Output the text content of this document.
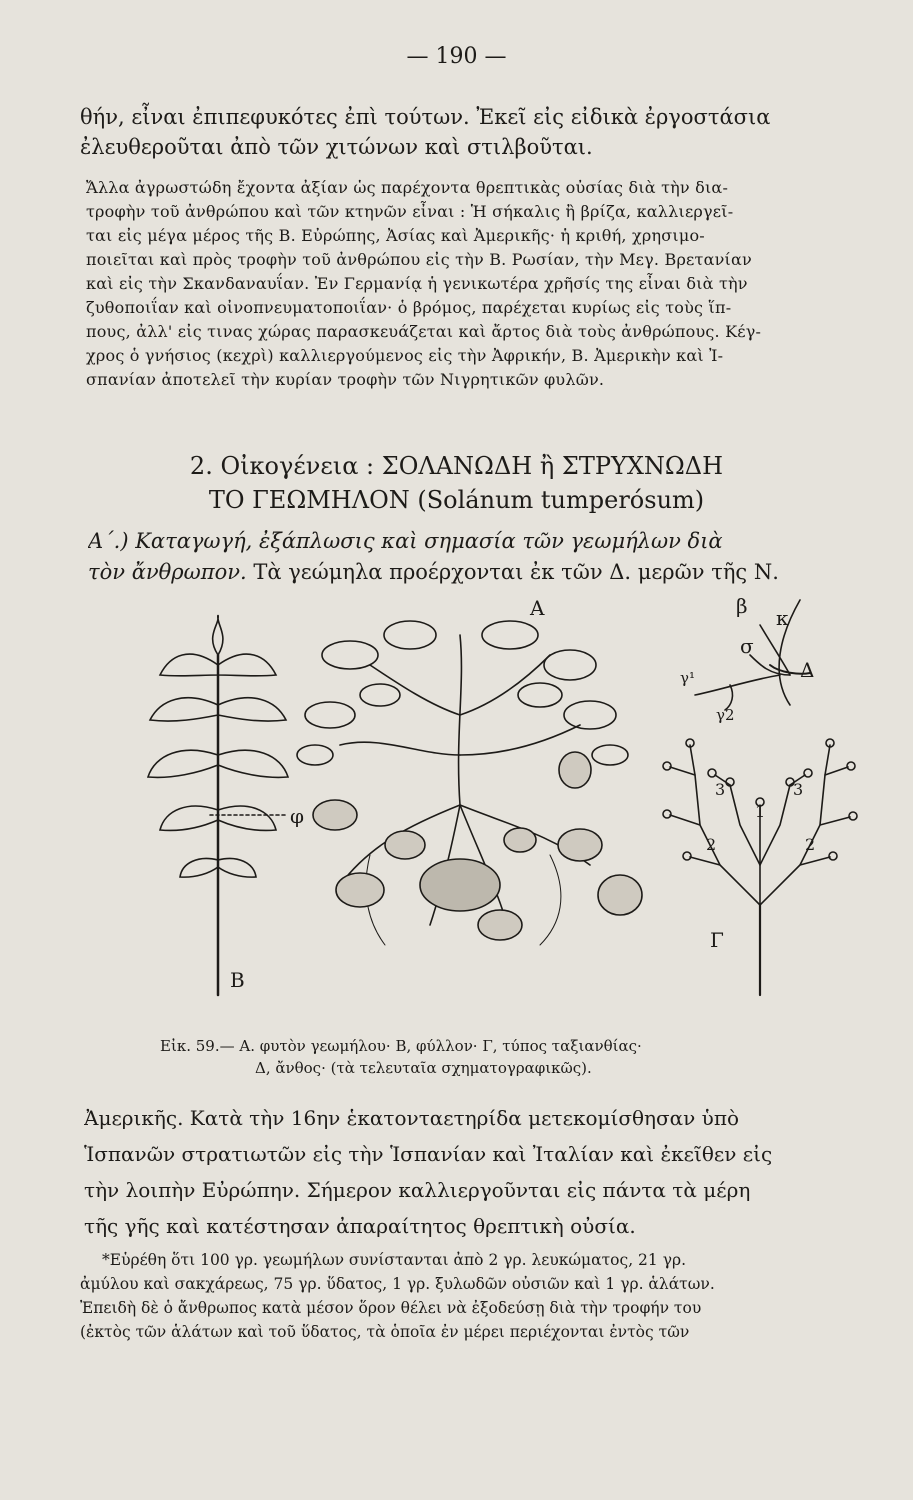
— 190 —
θήν, εἶναι ἐπιπεφυκότες ἐπὶ τούτων. Ἐκεῖ εἰς εἰδικὰ ἐργοστάσια
ἐλευθεροῦται ἀπὸ τῶν χιτώνων καὶ στιλβοῦται.
Ἄλλα ἀγρωστώδη ἔχοντα ἀξίαν ὡς παρέχοντα θρεπτικὰς οὐσίας διὰ τὴν δια-
τροφὴν τοῦ ἀνθρώπου καὶ τῶν κτηνῶν εἶναι : Ἡ σήκαλις ἢ βρίζα, καλλιεργεῖ-
ται εἰς μέγα μέρος τῆς Β. Εὐρώπης, Ἀσίας καὶ Ἀμερικῆς· ἡ κριθή, χρησιμο-
ποιεῖται καὶ πρὸς τροφὴν τοῦ ἀνθρώπου εἰς τὴν Β. Ρωσίαν, τὴν Μεγ. Βρετανίαν
καὶ εἰς τὴν Σκανδαναυΐαν. Ἐν Γερμανίᾳ ἡ γενικωτέρα χρῆσίς της εἶναι διὰ τὴν
ζυθοποιΐαν καὶ οἰνοπνευματοποιΐαν· ὁ βρόμος, παρέχεται κυρίως εἰς τοὺς ἵπ-
πους, ἀλλ' εἰς τινας χώρας παρασκευάζεται καὶ ἄρτος διὰ τοὺς ἀνθρώπους. Κέγ-
χρος ὁ γνήσιος (κεχρὶ) καλλιεργούμενος εἰς τὴν Ἀφρικήν, Β. Ἀμερικὴν καὶ Ἰ-
σπανίαν ἀποτελεῖ τὴν κυρίαν τροφὴν τῶν Νιγρητικῶν φυλῶν.
2. Οἰκογένεια : ΣΟΛΑΝΩΔΗ ἢ ΣΤΡΥΧΝΩΔΗ
ΤΟ ΓΕΩΜΗΛΟΝ (Solánum tumperósum)
Α΄.) Καταγωγή, ἐξάπλωσις καὶ σημασία τῶν γεωμήλων διὰ
τὸν ἄνθρωπον. Τὰ γεώμηλα προέρχονται ἐκ τῶν Δ. μερῶν τῆς Ν.
Α
Β
Γ
Δ
φ
κ
σ
β
γ¹
γ2
1
2	2
3	3
Εἰκ. 59.— Α. φυτὸν γεωμήλου· Β, φύλλον· Γ, τύπος ταξιανθίας·
Δ, ἄνθος· (τὰ τελευταῖα σχηματογραφικῶς).
Ἀμερικῆς. Κατὰ τὴν 16ην ἑκατονταετηρίδα μετεκομίσθησαν ὑπὸ
Ἱσπανῶν στρατιωτῶν εἰς τὴν Ἱσπανίαν καὶ Ἰταλίαν καὶ ἐκεῖθεν εἰς
τὴν λοιπὴν Εὐρώπην. Σήμερον καλλιεργοῦνται εἰς πάντα τὰ μέρη
τῆς γῆς καὶ κατέστησαν ἀπαραίτητος θρεπτικὴ οὐσία.
*Εὑρέθη ὅτι 100 γρ. γεωμήλων συνίστανται ἀπὸ 2 γρ. λευκώματος, 21 γρ.
ἀμύλου καὶ σακχάρεως, 75 γρ. ὕδατος, 1 γρ. ξυλωδῶν οὐσιῶν καὶ 1 γρ. ἁλάτων.
Ἐπειδὴ δὲ ὁ ἄνθρωπος κατὰ μέσον ὅρον θέλει νὰ ἐξοδεύσῃ διὰ τὴν τροφήν του
(ἐκτὸς τῶν ἁλάτων καὶ τοῦ ὕδατος, τὰ ὁποῖα ἐν μέρει περιέχονται ἐντὸς τῶν
